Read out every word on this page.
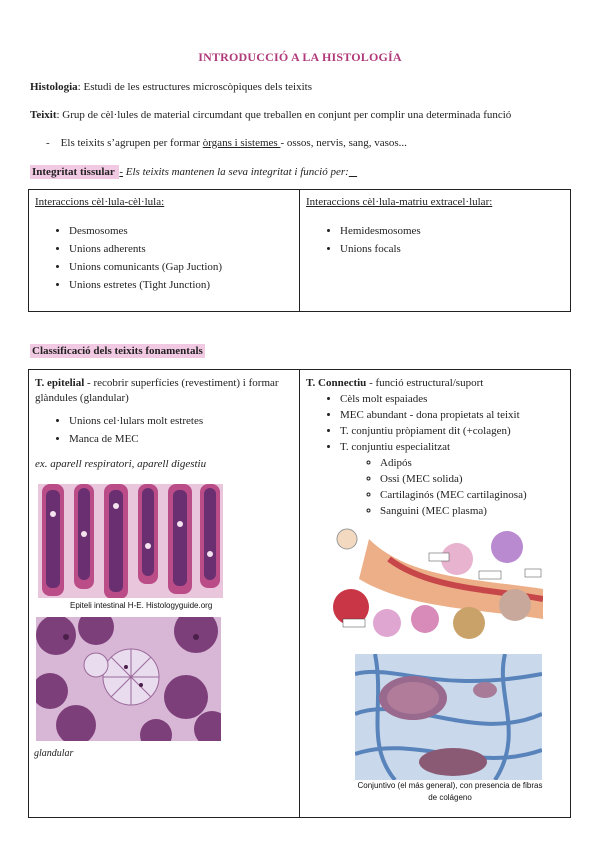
INTRODUCCIÓ A LA HISTOLOGÍA
Histologia: Estudi de les estructures microscòpiques dels teixits
Teixit: Grup de cèl·lules de material circumdant que treballen en conjunt per complir una determinada funció
- Els teixits s’agrupen per formar òrgans i sistemes - ossos, nervis, sang, vasos...
Integritat tissular - Els teixits mantenen la seva integritat i funció per: _
Interaccions cèl·lula-cèl·lula:
• Desmosomes
• Unions adherents
• Unions comunicants (Gap Juction)
• Unions estretes (Tight Junction)

Interaccions cèl·lula-matriu extracel·lular:
• Hemidesmosomes
• Unions focals
Classificació dels teixits fonamentals
T. epitelial - recobrir superfícies (revestiment) i formar glàndules (glandular)
• Unions cel·lulars molt estretes
• Manca de MEC
ex. aparell respiratori, aparell digestiu

T. Connectiu - funció estructural/suport
• Cèls molt espaiades
• MEC abundant - dona propietats al teixit
• T. conjuntiu pròpiament dit (+colagen)
• T. conjuntiu especialitzat
◦ Adipós
◦ Ossi (MEC solida)
◦ Cartilaginós (MEC cartilaginosa)
◦ Sanguini (MEC plasma)
Epiteli intestinal H-E. Histologyguide.org
glandular
Conjuntivo (el más general), con presencia de fibras
de colágeno
